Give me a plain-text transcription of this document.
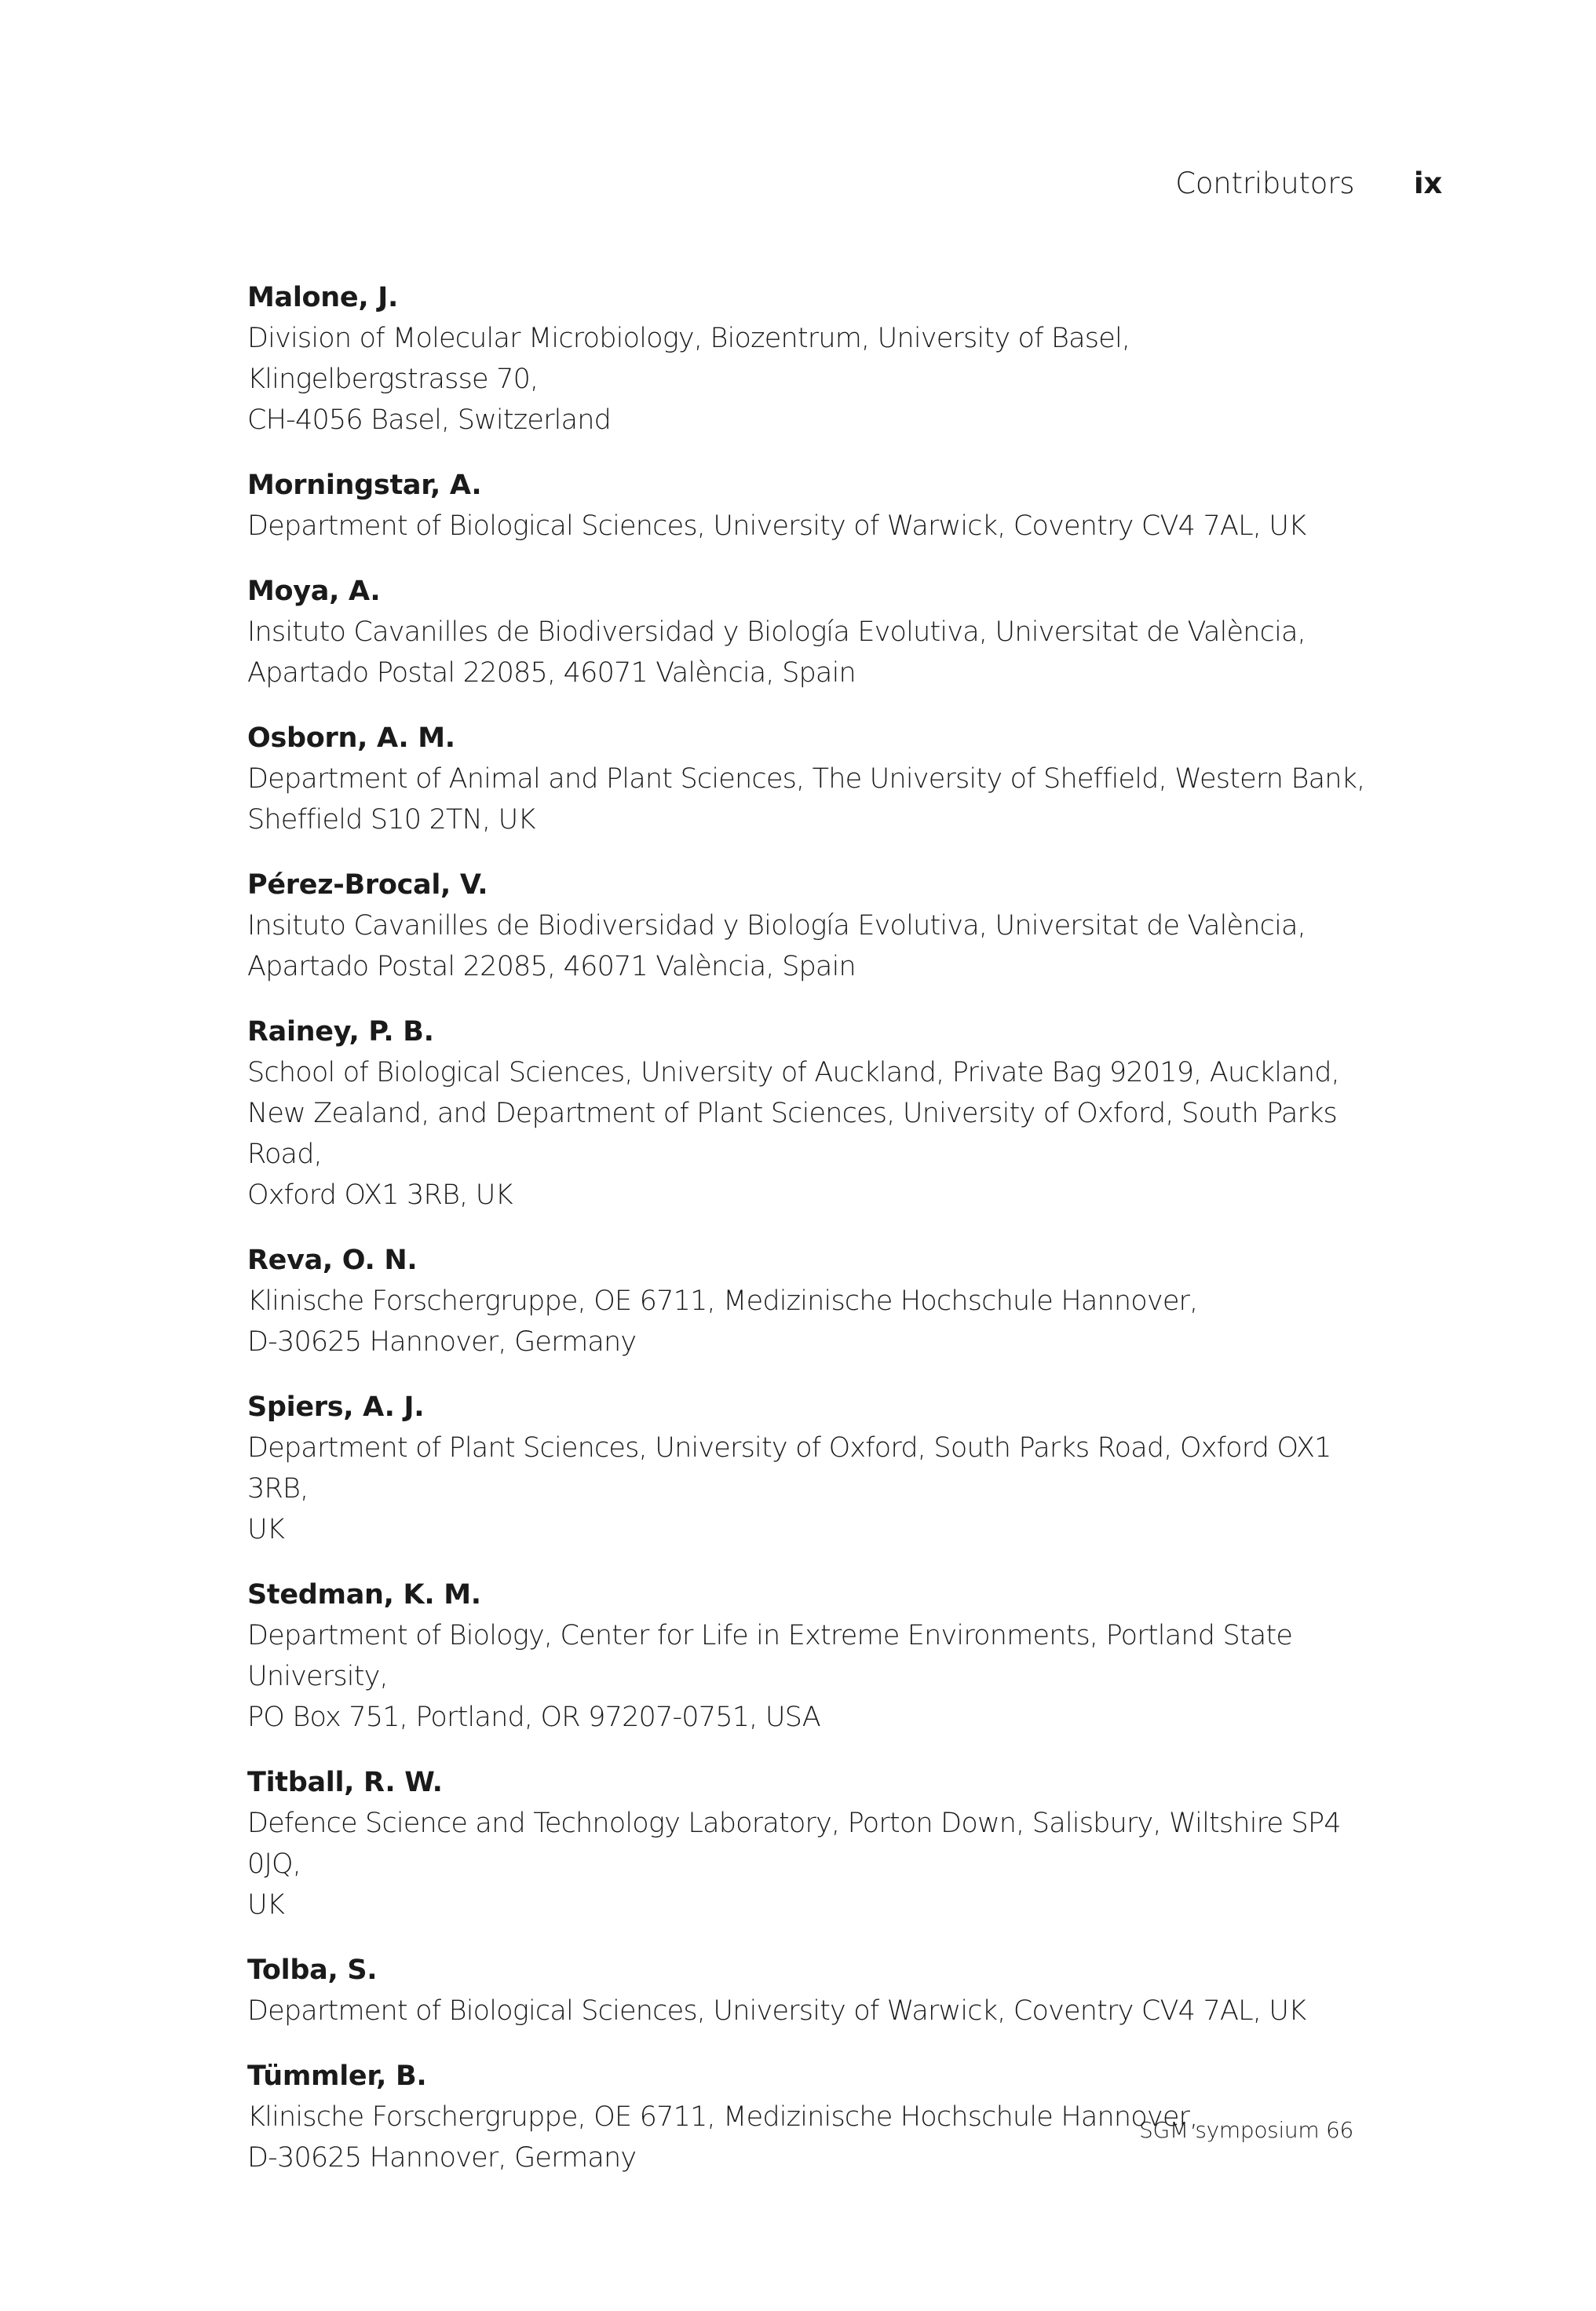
Contributors ix
Malone, J.
Division of Molecular Microbiology, Biozentrum, University of Basel, Klingelbergstrasse 70,
CH-4056 Basel, Switzerland
Morningstar, A.
Department of Biological Sciences, University of Warwick, Coventry CV4 7AL, UK
Moya, A.
Insituto Cavanilles de Biodiversidad y Biología Evolutiva, Universitat de València,
Apartado Postal 22085, 46071 València, Spain
Osborn, A. M.
Department of Animal and Plant Sciences, The University of Sheffield, Western Bank,
Sheffield S10 2TN, UK
Pérez-Brocal, V.
Insituto Cavanilles de Biodiversidad y Biología Evolutiva, Universitat de València,
Apartado Postal 22085, 46071 València, Spain
Rainey, P. B.
School of Biological Sciences, University of Auckland, Private Bag 92019, Auckland,
New Zealand, and Department of Plant Sciences, University of Oxford, South Parks Road,
Oxford OX1 3RB, UK
Reva, O. N.
Klinische Forschergruppe, OE 6711, Medizinische Hochschule Hannover,
D-30625 Hannover, Germany
Spiers, A. J.
Department of Plant Sciences, University of Oxford, South Parks Road, Oxford OX1 3RB,
UK
Stedman, K. M.
Department of Biology, Center for Life in Extreme Environments, Portland State University,
PO Box 751, Portland, OR 97207-0751, USA
Titball, R. W.
Defence Science and Technology Laboratory, Porton Down, Salisbury, Wiltshire SP4 0JQ,
UK
Tolba, S.
Department of Biological Sciences, University of Warwick, Coventry CV4 7AL, UK
Tümmler, B.
Klinische Forschergruppe, OE 6711, Medizinische Hochschule Hannover,
D-30625 Hannover, Germany
SGM symposium 66
